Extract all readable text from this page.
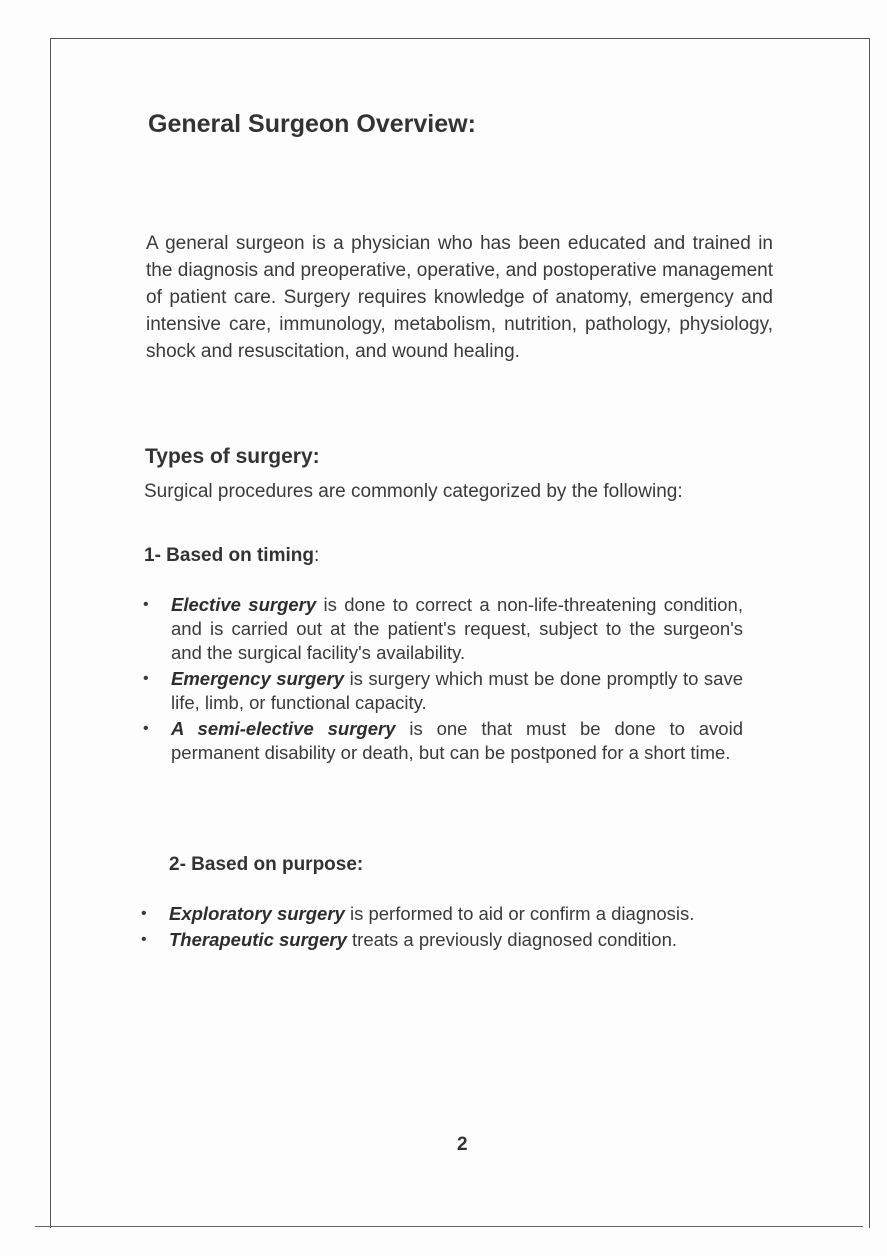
General Surgeon Overview:

A general surgeon is a physician who has been educated and trained in the diagnosis and preoperative, operative, and postoperative management of patient care. Surgery requires knowledge of anatomy, emergency and intensive care, immunology, metabolism, nutrition, pathology, physiology, shock and resuscitation, and wound healing.

Types of surgery:

Surgical procedures are commonly categorized by the following:

1- Based on timing:
• Elective surgery is done to correct a non-life-threatening condition, and is carried out at the patient's request, subject to the surgeon's and the surgical facility's availability.
• Emergency surgery is surgery which must be done promptly to save life, limb, or functional capacity.
• A semi-elective surgery is one that must be done to avoid permanent disability or death, but can be postponed for a short time.
2- Based on purpose:
• Exploratory surgery is performed to aid or confirm a diagnosis.
• Therapeutic surgery treats a previously diagnosed condition.

2
